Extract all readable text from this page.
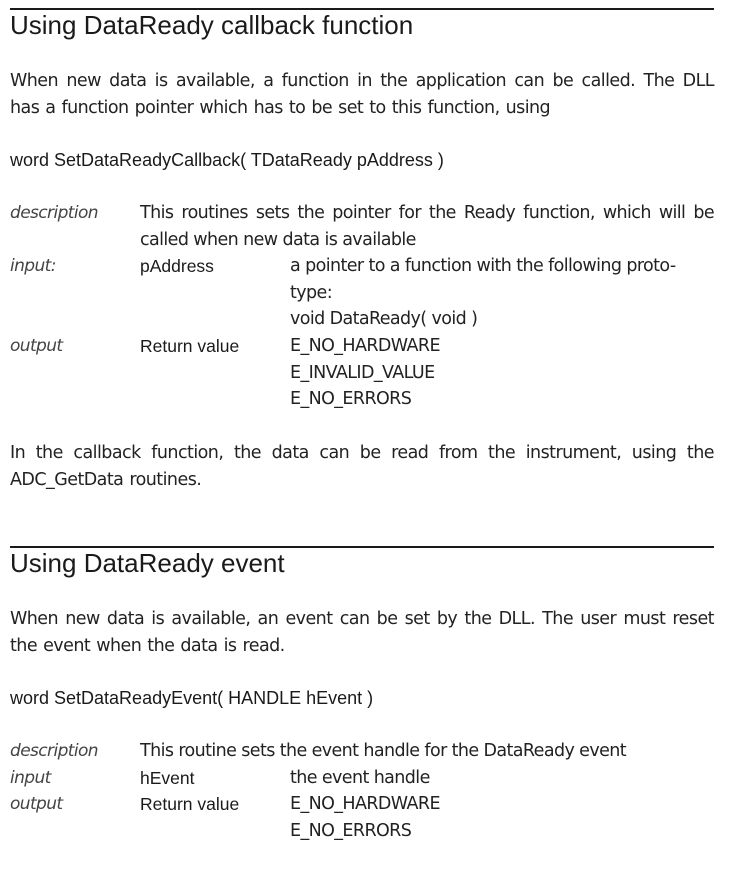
Using DataReady callback function

When new data is available, a function in the application can be called. The DLL has a function pointer which has to be set to this function, using

word SetDataReadyCallback( TDataReady pAddress )
description This routines sets the pointer for the Ready function, which will be called when new data is available
input:	pAddress	a pointer to a function with the following proto-
type:
void DataReady( void )
output	Return value	E_NO_HARDWARE
E_INVALID_VALUE
E_NO_ERRORS

In the callback function, the data can be read from the instrument, using the ADC_GetData routines.

Using DataReady event

When new data is available, an event can be set by the DLL. The user must reset the event when the data is read.

word SetDataReadyEvent( HANDLE hEvent )
description This routine sets the event handle for the DataReady event
input	hEvent	the event handle
output	Return value	E_NO_HARDWARE
E_NO_ERRORS
